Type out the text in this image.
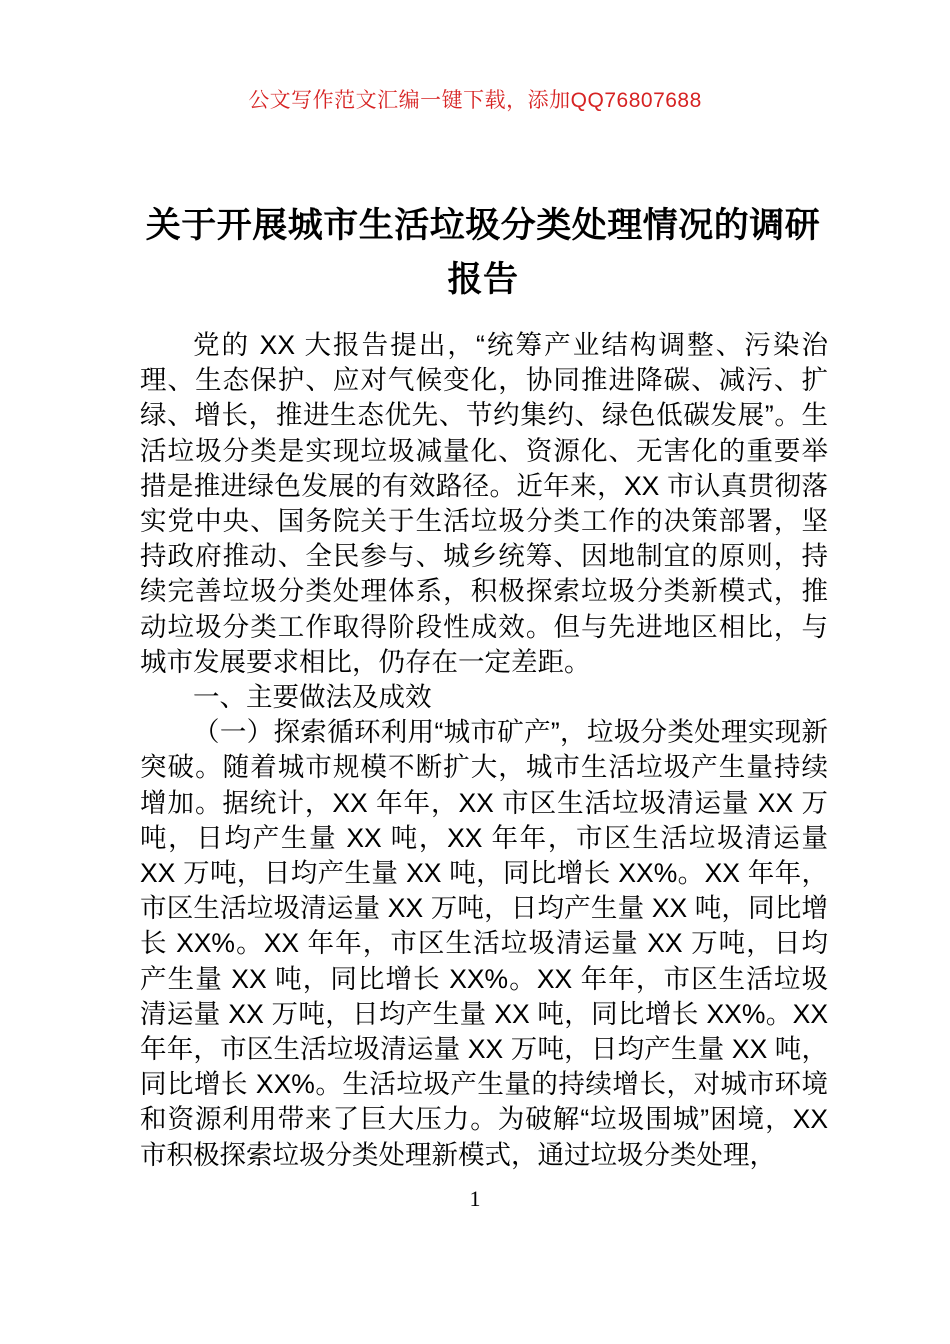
公文写作范文汇编一键下载，添加QQ76807688
关于开展城市生活垃圾分类处理情况的调研报告

党的 XX 大报告提出，“统筹产业结构调整、污染治理、生态保护、应对气候变化，协同推进降碳、减污、扩绿、增长，推进生态优先、节约集约、绿色低碳发展”。生活垃圾分类是实现垃圾减量化、资源化、无害化的重要举措是推进绿色发展的有效路径。近年来，XX 市认真贯彻落实党中央、国务院关于生活垃圾分类工作的决策部署，坚持政府推动、全民参与、城乡统筹、因地制宜的原则，持续完善垃圾分类处理体系，积极探索垃圾分类新模式，推动垃圾分类工作取得阶段性成效。但与先进地区相比，与城市发展要求相比，仍存在一定差距。

一、主要做法及成效

（一）探索循环利用“城市矿产”，垃圾分类处理实现新突破。随着城市规模不断扩大，城市生活垃圾产生量持续增加。据统计，XX 年年，XX 市区生活垃圾清运量 XX 万吨，日均产生量 XX 吨，XX 年年，市区生活垃圾清运量 XX 万吨，日均产生量 XX 吨，同比增长 XX%。XX 年年，市区生活垃圾清运量 XX 万吨，日均产生量 XX 吨，同比增长 XX%。XX 年年，市区生活垃圾清运量 XX 万吨，日均产生量 XX 吨，同比增长 XX%。XX 年年，市区生活垃圾清运量 XX 万吨，日均产生量 XX 吨，同比增长 XX%。XX 年年，市区生活垃圾清运量 XX 万吨，日均产生量 XX 吨，同比增长 XX%。生活垃圾产生量的持续增长，对城市环境和资源利用带来了巨大压力。为破解“垃圾围城”困境，XX 市积极探索垃圾分类处理新模式，通过垃圾分类处理，

1
